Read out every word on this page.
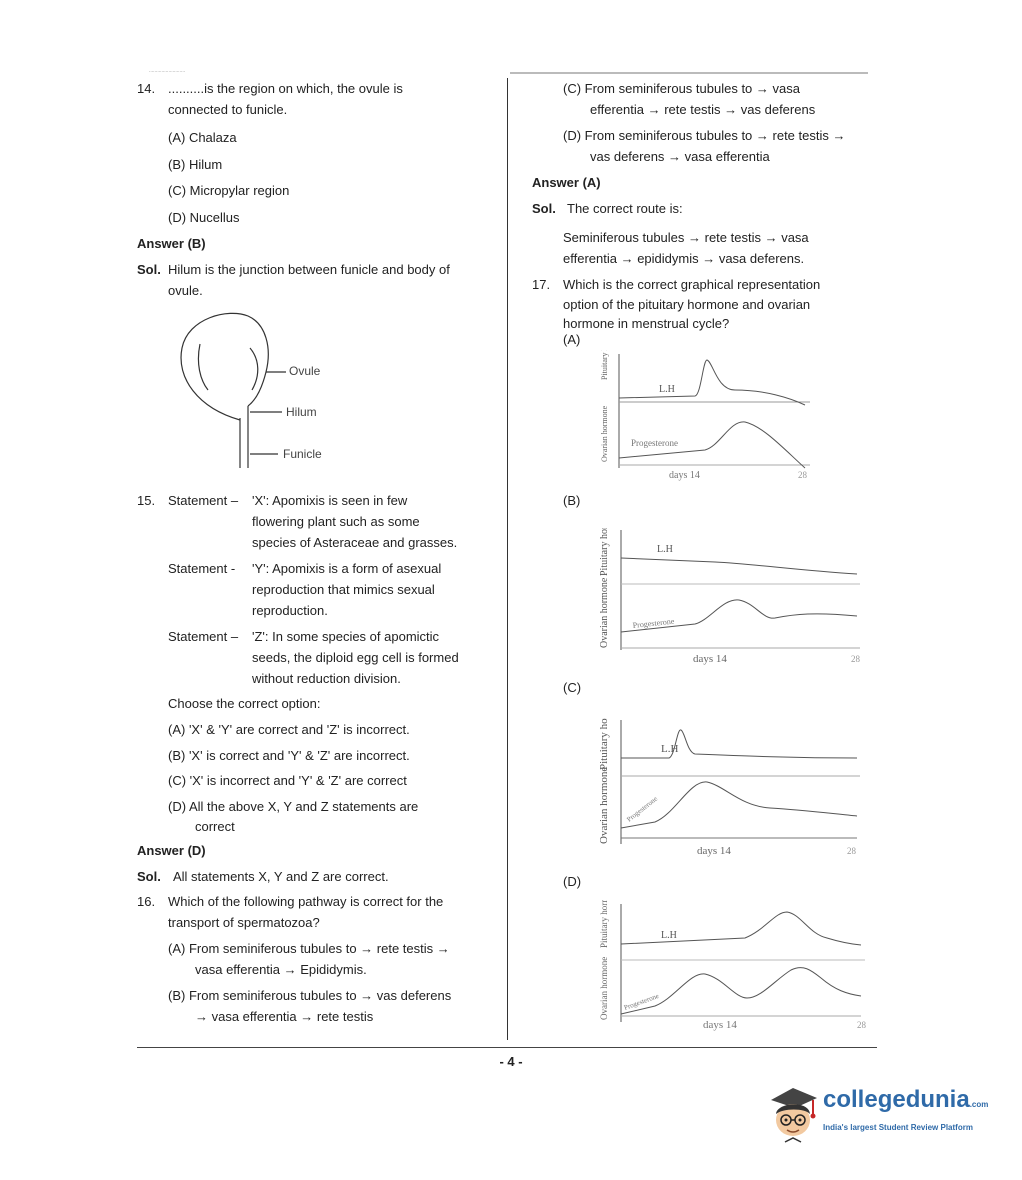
..........................
14. ..........is the region on which, the ovule is

connected to funicle.

(A) Chalaza

(B) Hilum

(C) Micropylar region

(D) Nucellus

Answer (B)

Sol. Hilum is the junction between funicle and body of

ovule.

Ovule
Hilum
Funicle
15. Statement –	'X': Apomixis is seen in few
flowering plant such as some
species of Asteraceae and grasses.
Statement -	'Y': Apomixis is a form of asexual
reproduction that mimics sexual
reproduction.
Statement –	'Z': In some species of apomictic
seeds, the diploid egg cell is formed
without reduction division.

Choose the correct option:

(A) 'X' & 'Y' are correct and 'Z' is incorrect.

(B) 'X' is correct and 'Y' & 'Z' are incorrect.

(C) 'X' is incorrect and 'Y' & 'Z' are correct

(D) All the above X, Y and Z statements are

correct

Answer (D)

Sol. All statements X, Y and Z are correct.
16. Which of the following pathway is correct for the

transport of spermatozoa?

(A) From seminiferous tubules to → rete testis →

vasa efferentia → Epididymis.

(B) From seminiferous tubules to → vas deferens

→ vasa efferentia → rete testis

(C) From seminiferous tubules to → vasa

efferentia → rete testis → vas deferens

(D) From seminiferous tubules to → rete testis →

vas deferens → vasa efferentia

Answer (A)

Sol. The correct route is:

Seminiferous tubules → rete testis → vasa

efferentia → epididymis → vasa deferens.

17. Which is the correct graphical representation
option of the pituitary hormone and ovarian
hormone in menstrual cycle?
(A)
(B)
(C)
(D)
Pituitary hormone
Ovarian hormone
L.H
Progesterone
days 14	28
Pituitary hormone
Ovarian hormone
L.H
Progesterone
days 14	28
Pituitary hormone
Ovarian hormone
L.H
Progesterone
days 14	28
Pituitary hormone
Ovarian hormone
L.H
Progesterone
days 14	28
- 4 -
collegedunia.com
India's largest Student Review Platform
